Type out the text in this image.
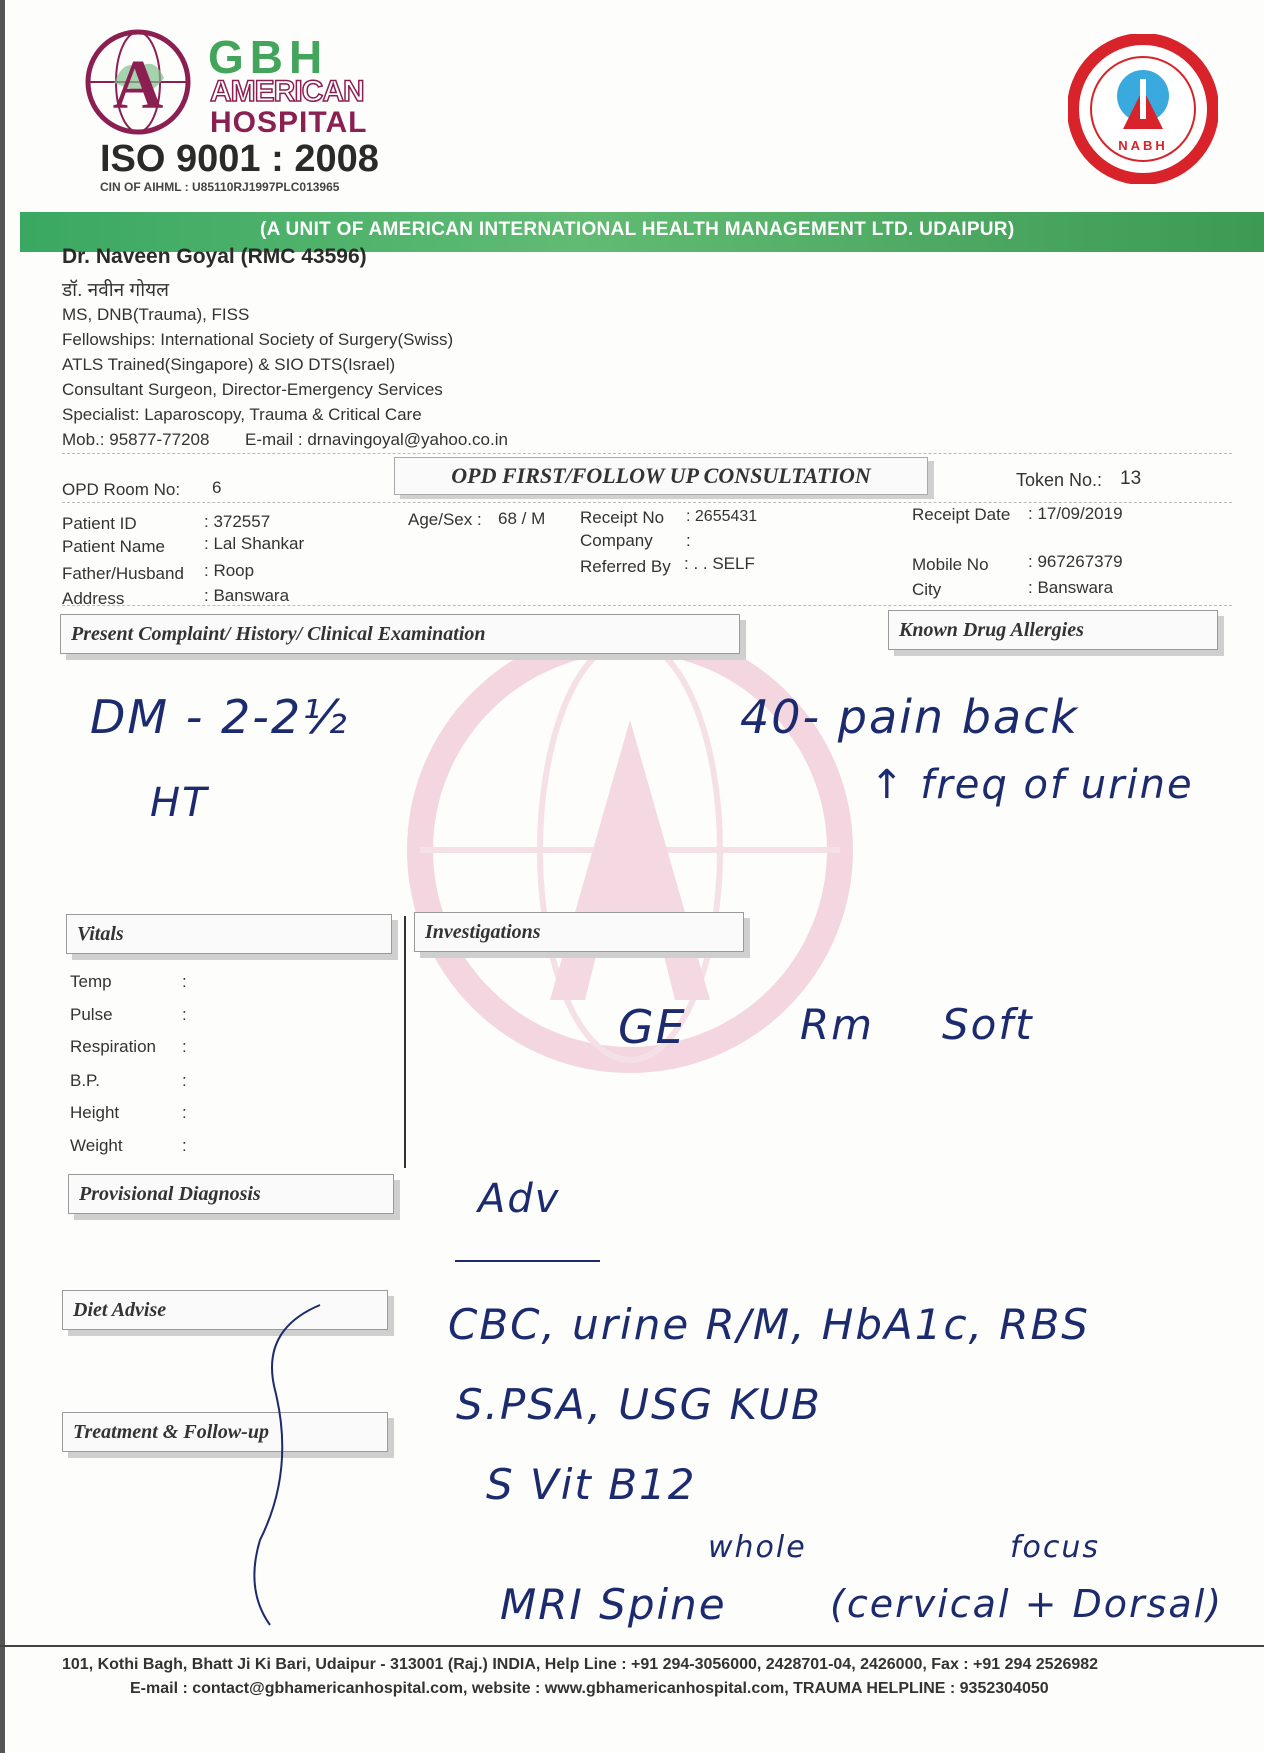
A GBH
AMERICAN
HOSPITAL
ISO 9001 : 2008
CIN OF AIHML : U85110RJ1997PLC013965
NABH
(A UNIT OF AMERICAN INTERNATIONAL HEALTH MANAGEMENT LTD. UDAIPUR)
Dr. Naveen Goyal (RMC 43596)
डॉ. नवीन गोयल
MS, DNB(Trauma), FISS
Fellowships: International Society of Surgery(Swiss)
ATLS Trained(Singapore) & SIO DTS(Israel)
Consultant Surgeon, Director-Emergency Services
Specialist: Laparoscopy, Trauma & Critical Care
Mob.: 95877-77208 E-mail : drnavingoyal@yahoo.co.in
OPD Room No: 6	OPD FIRST/FOLLOW UP CONSULTATION	Token No.: 13
Patient ID	: 372557
Patient Name : Lal Shankar
Father/Husband : Roop
Address	: Banswara
Age/Sex : 68 / M Receipt No : 2655431
Company :
Referred By : . . SELF
Receipt Date : 17/09/2019
Mobile No : 967267379
City	: Banswara
Present Complaint/ History/ Clinical Examination	Known Drug Allergies
Vitals	Investigations
Provisional Diagnosis
Diet Advise
Treatment & Follow-up
Temp	:
Pulse	:
Respiration :
B.P.	:
Height	:
Weight	:
DM - 2-2½
HT
40- pain back
↑ freq of urine
GE	Rm Soft
Adv
CBC, urine R/M, HbA1c, RBS
S.PSA, USG KUB
S Vit B12
MRI Spine
whole
(cervical + Dorsal)
focus
101, Kothi Bagh, Bhatt Ji Ki Bari, Udaipur - 313001 (Raj.) INDIA, Help Line : +91 294-3056000, 2428701-04, 2426000, Fax : +91 294 2526982
E-mail : contact@gbhamericanhospital.com, website : www.gbhamericanhospital.com, TRAUMA HELPLINE : 9352304050
